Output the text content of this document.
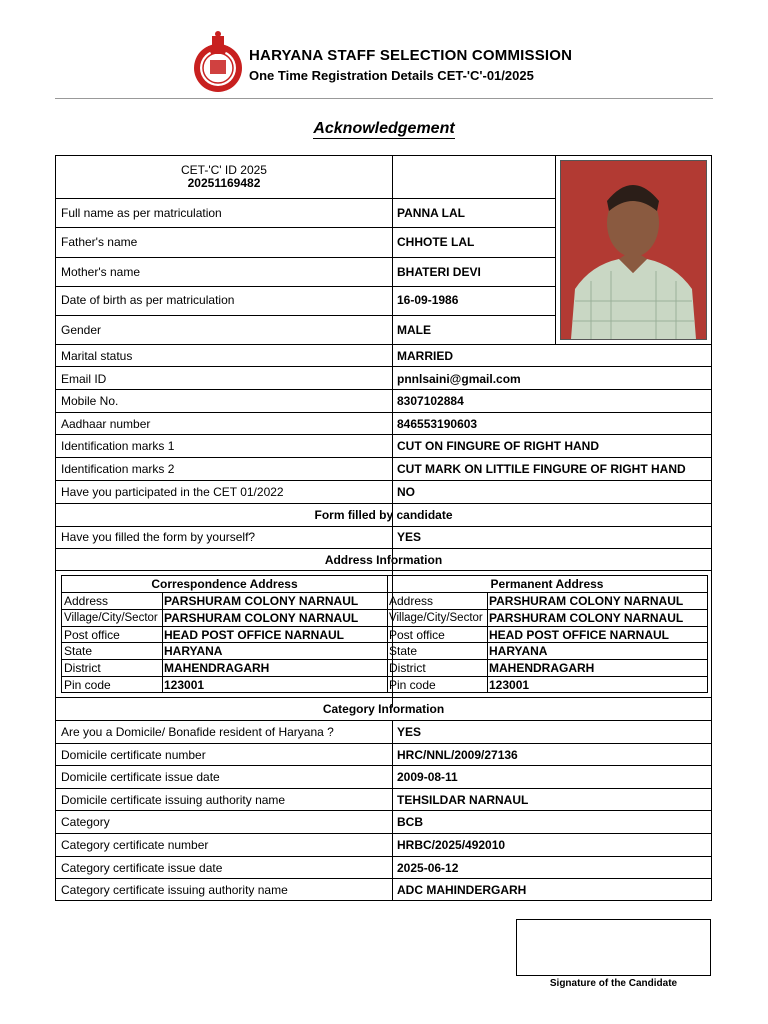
HARYANA STAFF SELECTION COMMISSION
One Time Registration Details CET-'C'-01/2025
Acknowledgement
CET-'C' ID 2025
20251169482
Full name as per matriculation	PANNA LAL
Father's name	CHHOTE LAL
Mother's name	BHATERI DEVI
Date of birth as per matriculation	16-09-1986
Gender	MALE
Marital status	MARRIED
Email ID	pnnlsaini@gmail.com
Mobile No.	8307102884
Aadhaar number	846553190603
Identification marks 1	CUT ON FINGURE OF RIGHT HAND
Identification marks 2	CUT MARK ON LITTILE FINGURE OF RIGHT HAND
Have you participated in the CET 01/2022	NO
Form filled by candidate
Have you filled the form by yourself?	YES
Address Information
Correspondence Address	Permanent Address
Address	PARSHURAM COLONY NARNAUL	Address	PARSHURAM COLONY NARNAUL
Village/City/Sector PARSHURAM COLONY NARNAUL	Village/City/Sector PARSHURAM COLONY NARNAUL
Post office	HEAD POST OFFICE NARNAUL	Post office	HEAD POST OFFICE NARNAUL
State	HARYANA	State	HARYANA
District	MAHENDRAGARH	District	MAHENDRAGARH
Pin code	123001	Pin code	123001
Category Information
Are you a Domicile/ Bonafide resident of Haryana ?	YES
Domicile certificate number	HRC/NNL/2009/27136
Domicile certificate issue date	2009-08-11
Domicile certificate issuing authority name	TEHSILDAR NARNAUL
Category	BCB
Category certificate number	HRBC/2025/492010
Category certificate issue date	2025-06-12
Category certificate issuing authority name	ADC MAHINDERGARH
Signature of the Candidate
